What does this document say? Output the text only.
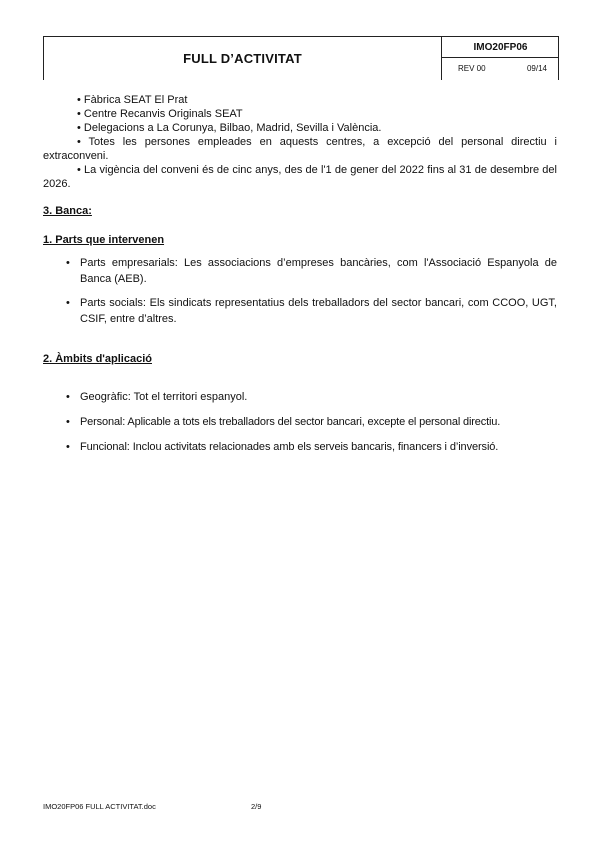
FULL D’ACTIVITAT
IMO20FP06
REV 00	09/14
• Fàbrica SEAT El Prat
• Centre Recanvis Originals SEAT
• Delegacions a La Corunya, Bilbao, Madrid, Sevilla i València.
• Totes les persones empleades en aquests centres, a excepció del personal directiu i extraconveni.
• La vigència del conveni és de cinc anys, des de l'1 de gener del 2022 fins al 31 de desembre del 2026.
3. Banca:
1. Parts que intervenen
• Parts empresarials: Les associacions d’empreses bancàries, com l'Associació Espanyola de Banca (AEB).
• Parts socials: Els sindicats representatius dels treballadors del sector bancari, com CCOO, UGT, CSIF, entre d’altres.
2. Àmbits d'aplicació
• Geogràfic: Tot el territori espanyol.
• Personal: Aplicable a tots els treballadors del sector bancari, excepte el personal directiu.
• Funcional: Inclou activitats relacionades amb els serveis bancaris, financers i d’inversió.
IMO20FP06 FULL ACTIVITAT.doc	2/9
